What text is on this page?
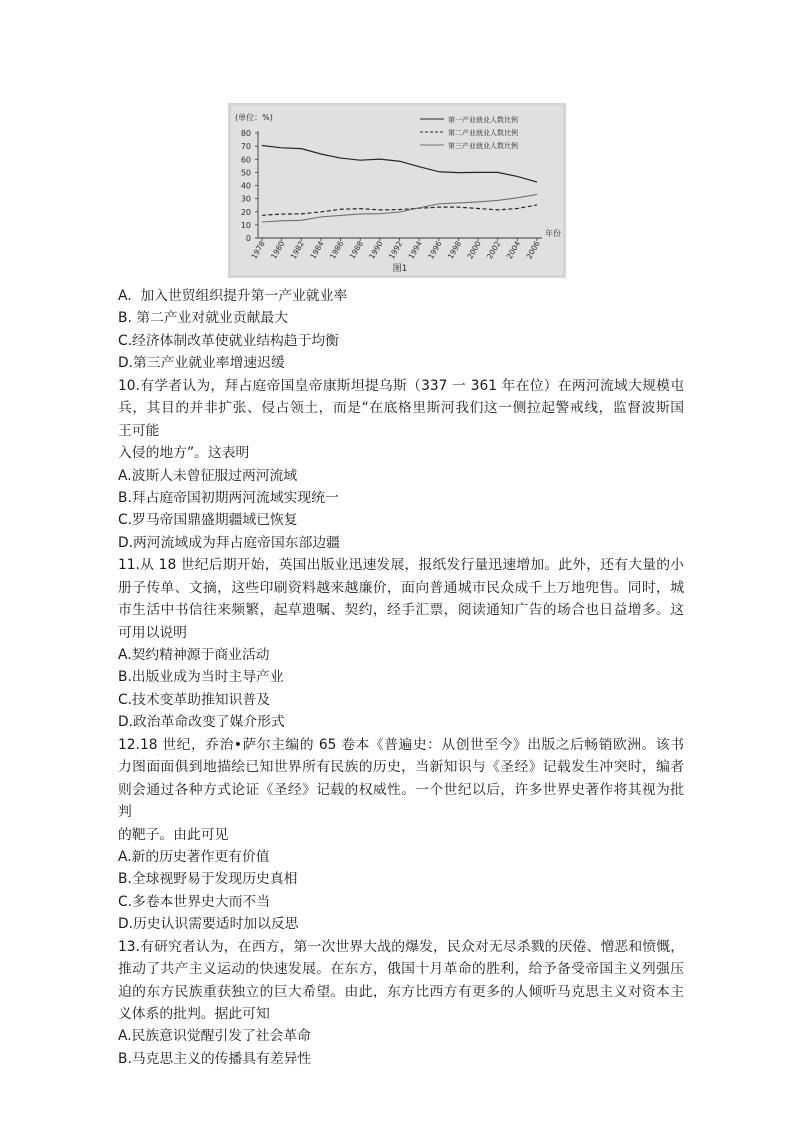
(单位：%)
0
10
20
30
40
50
60
70
80
1978 1980 1982 1984 1986 1988 1990 1992 1994 1996 1998 2000 2002 2004 2006
年份
第一产业就业人数比例
第二产业就业人数比例
第三产业就业人数比例
图1
A.  加入世贸组织提升第一产业就业率
B. 第二产业对就业贡献最大
C.经济体制改革使就业结构趋于均衡
D.第三产业就业率增速迟缓
10.有学者认为，拜占庭帝国皇帝康斯坦提乌斯（337 一 361 年在位）在两河流域大规模屯
兵，其目的并非扩张、侵占领土，而是“在底格里斯河我们这一侧拉起警戒线，监督波斯国
王可能
入侵的地方”。这表明
A.波斯人未曾征服过两河流域
B.拜占庭帝国初期两河流域实现统一
C.罗马帝国鼎盛期疆域已恢复
D.两河流域成为拜占庭帝国东部边疆
11.从 18 世纪后期开始，英国出版业迅速发展，报纸发行量迅速增加。此外，还有大量的小
册子传单、文摘，这些印刷资料越来越廉价，面向普通城市民众成千上万地兜售。同时，城
市生活中书信往来频繁，起草遗嘱、契约，经手汇票，阅读通知广告的场合也日益增多。这
可用以说明
A.契约精神源于商业活动
B.出版业成为当时主导产业
C.技术变革助推知识普及
D.政治革命改变了媒介形式
12.18 世纪，乔治•萨尔主编的 65 卷本《普遍史：从创世至今》出版之后畅销欧洲。该书
力图面面俱到地描绘已知世界所有民族的历史，当新知识与《圣经》记载发生冲突时，编者
则会通过各种方式论证《圣经》记载的权威性。一个世纪以后，许多世界史著作将其视为批
判
的靶子。由此可见
A.新的历史著作更有价值
B.全球视野易于发现历史真相
C.多卷本世界史大而不当
D.历史认识需要适时加以反思
13.有研究者认为，在西方，第一次世界大战的爆发，民众对无尽杀戮的厌倦、憎恶和愤慨，
推动了共产主义运动的快速发展。在东方，俄国十月革命的胜利，给予备受帝国主义列强压
迫的东方民族重获独立的巨大希望。由此，东方比西方有更多的人倾听马克思主义对资本主
义体系的批判。据此可知
A.民族意识觉醒引发了社会革命
B.马克思主义的传播具有差异性
